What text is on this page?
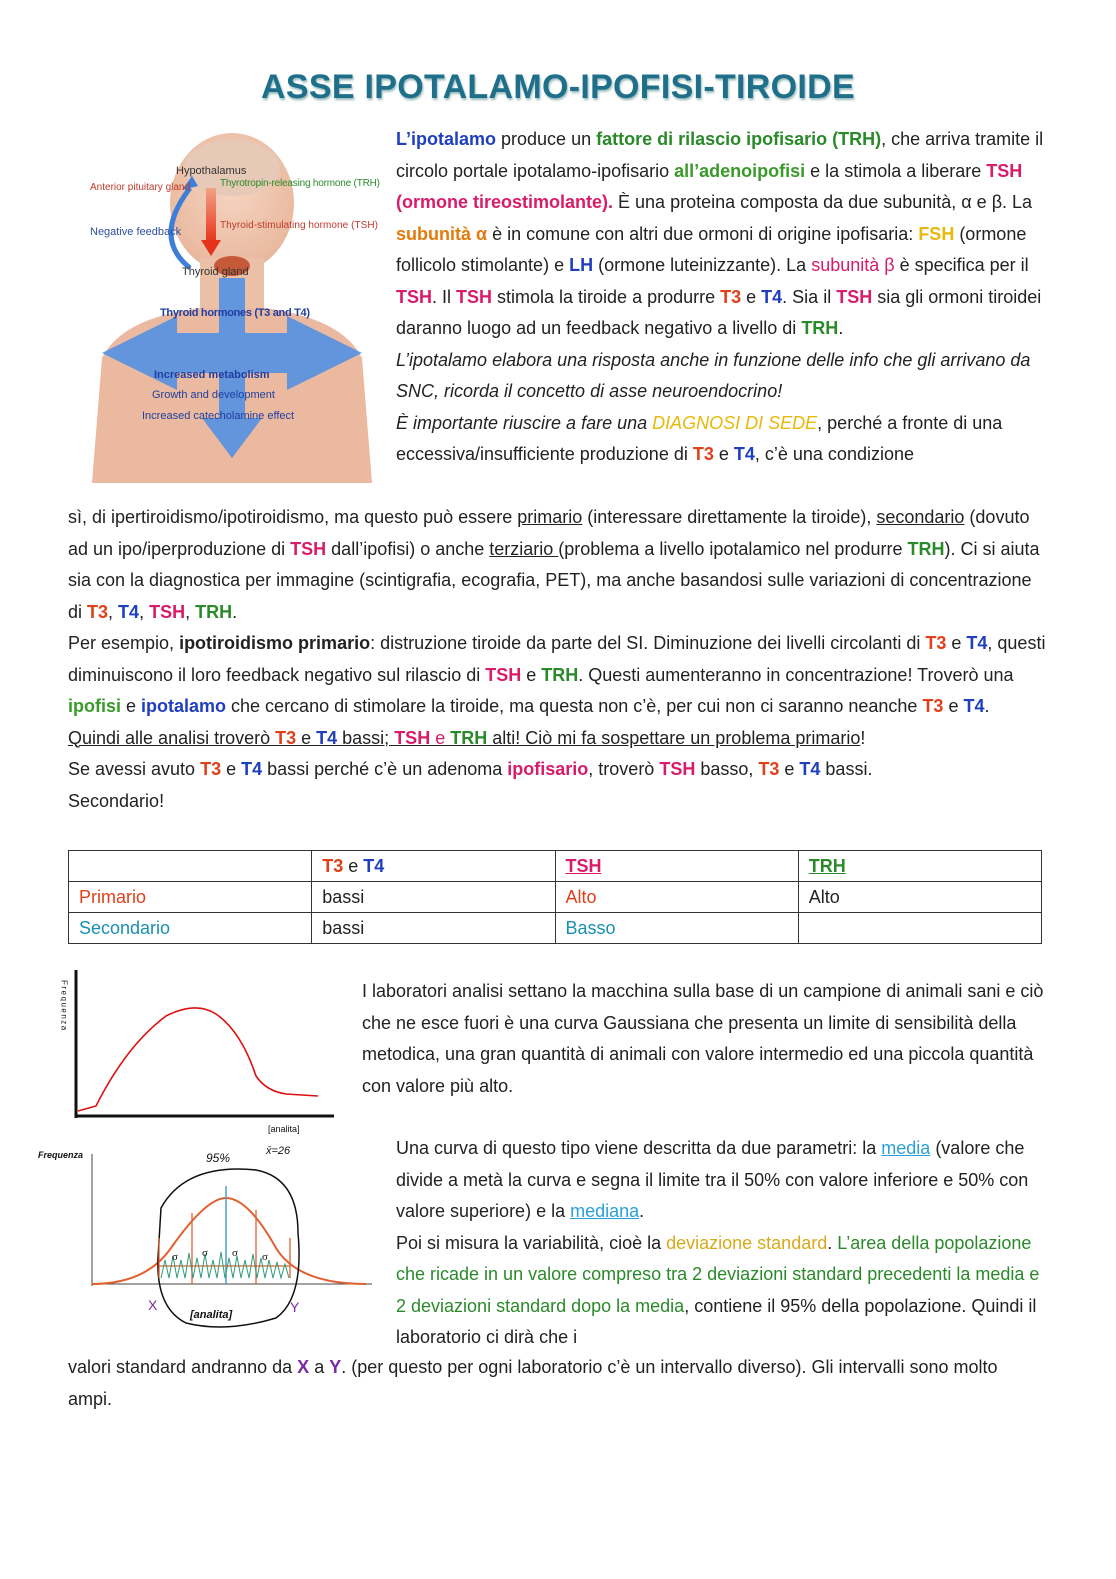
ASSE IPOTALAMO-IPOFISI-TIROIDE
Hypothalamus
Anterior pituitary gland	Thyrotropin-releasing hormone (TRH)
Negative feedback
Thyroid-stimulating hormone (TSH)
Thyroid gland
Thyroid hormones (T3 and T4)
Increased metabolism
Growth and development
Increased catecholamine effect

L’ipotalamo produce un fattore di rilascio ipofisario (TRH), che arriva tramite il circolo portale ipotalamo-ipofisario all’adenoipofisi e la stimola a liberare TSH (ormone tireostimolante). È una proteina composta da due subunità, α e β. La subunità α è in comune con altri due ormoni di origine ipofisaria: FSH (ormone follicolo stimolante) e LH (ormone luteinizzante). La subunità β è specifica per il TSH. Il TSH stimola la tiroide a produrre T3 e T4. Sia il TSH sia gli ormoni tiroidei daranno luogo ad un feedback negativo a livello di TRH.

L’ipotalamo elabora una risposta anche in funzione delle info che gli arrivano da SNC, ricorda il concetto di asse neuroendocrino!

È importante riuscire a fare una DIAGNOSI DI SEDE, perché a fronte di una eccessiva/insufficiente produzione di T3 e T4, c’è una condizione

sì, di ipertiroidismo/ipotiroidismo, ma questo può essere primario (interessare direttamente la tiroide), secondario (dovuto ad un ipo/iperproduzione di TSH dall’ipofisi) o anche terziario (problema a livello ipotalamico nel produrre TRH). Ci si aiuta sia con la diagnostica per immagine (scintigrafia, ecografia, PET), ma anche basandosi sulle variazioni di concentrazione di T3, T4, TSH, TRH.

Per esempio, ipotiroidismo primario: distruzione tiroide da parte del SI. Diminuzione dei livelli circolanti di T3 e T4, questi diminuiscono il loro feedback negativo sul rilascio di TSH e TRH. Questi aumenteranno in concentrazione! Troverò una ipofisi e ipotalamo che cercano di stimolare la tiroide, ma questa non c’è, per cui non ci saranno neanche T3 e T4.

Quindi alle analisi troverò T3 e T4 bassi; TSH e TRH alti! Ciò mi fa sospettare un problema primario!

Se avessi avuto T3 e T4 bassi perché c’è un adenoma ipofisario, troverò TSH basso, T3 e T4 bassi.

Secondario!

	T3 e T4	TSH	TRH
Primario	bassi	Alto	Alto
Secondario	bassi	Basso	
Frequenza
[analita]
Frequenza	95%	x̄=26
σ σ σ σ
X	Y
[analita]

I laboratori analisi settano la macchina sulla base di un campione di animali sani e ciò che ne esce fuori è una curva Gaussiana che presenta un limite di sensibilità della metodica, una gran quantità di animali con valore intermedio ed una piccola quantità con valore più alto.

Una curva di questo tipo viene descritta da due parametri: la media (valore che divide a metà la curva e segna il limite tra il 50% con valore inferiore e 50% con valore superiore) e la mediana.

Poi si misura la variabilità, cioè la deviazione standard. L’area della popolazione che ricade in un valore compreso tra 2 deviazioni standard precedenti la media e 2 deviazioni standard dopo la media, contiene il 95% della popolazione. Quindi il laboratorio ci dirà che i

valori standard andranno da X a Y. (per questo per ogni laboratorio c’è un intervallo diverso). Gli intervalli sono molto ampi.
